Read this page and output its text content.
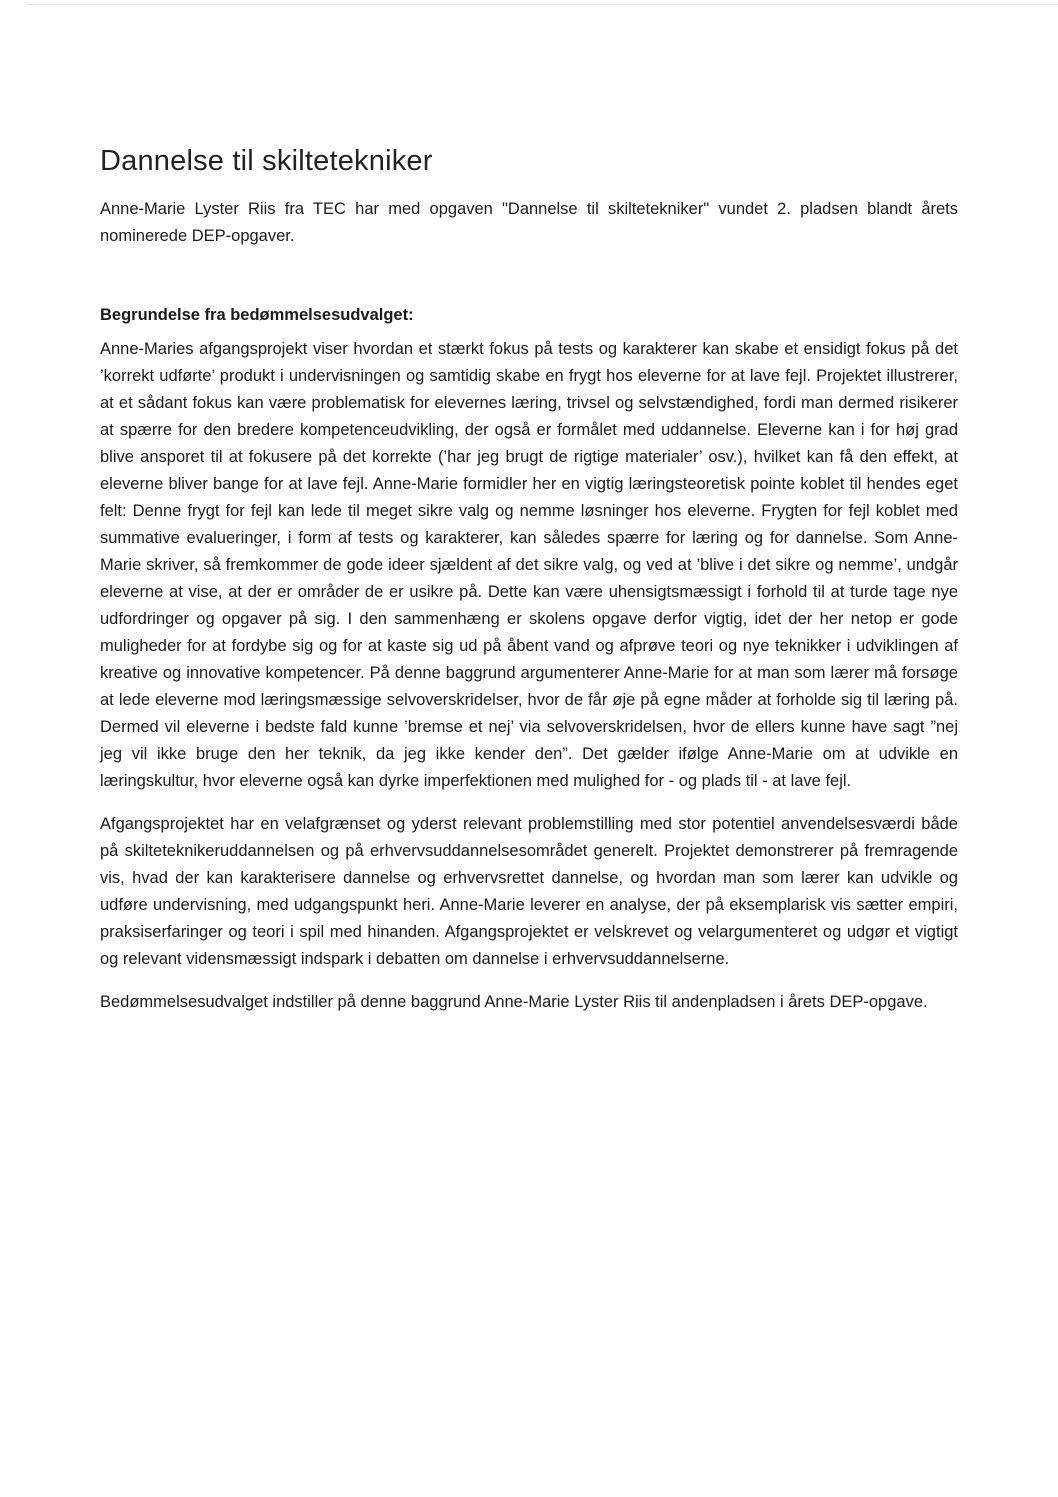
Dannelse til skiltetekniker

Anne-Marie Lyster Riis fra TEC har med opgaven "Dannelse til skiltetekniker" vundet 2. pladsen blandt årets nominerede DEP-opgaver.

Begrundelse fra bedømmelsesudvalget:

Anne-Maries afgangsprojekt viser hvordan et stærkt fokus på tests og karakterer kan skabe et ensidigt fokus på det ’korrekt udførte’ produkt i undervisningen og samtidig skabe en frygt hos eleverne for at lave fejl. Projektet illustrerer, at et sådant fokus kan være problematisk for elevernes læring, trivsel og selvstændighed, fordi man dermed risikerer at spærre for den bredere kompetenceudvikling, der også er formålet med uddannelse. Eleverne kan i for høj grad blive ansporet til at fokusere på det korrekte (’har jeg brugt de rigtige materialer’ osv.), hvilket kan få den effekt, at eleverne bliver bange for at lave fejl. Anne-Marie formidler her en vigtig læringsteoretisk pointe koblet til hendes eget felt: Denne frygt for fejl kan lede til meget sikre valg og nemme løsninger hos eleverne. Frygten for fejl koblet med summative evalueringer, i form af tests og karakterer, kan således spærre for læring og for dannelse. Som Anne-Marie skriver, så fremkommer de gode ideer sjældent af det sikre valg, og ved at ’blive i det sikre og nemme’, undgår eleverne at vise, at der er områder de er usikre på. Dette kan være uhensigtsmæssigt i forhold til at turde tage nye udfordringer og opgaver på sig. I den sammenhæng er skolens opgave derfor vigtig, idet der her netop er gode muligheder for at fordybe sig og for at kaste sig ud på åbent vand og afprøve teori og nye teknikker i udviklingen af kreative og innovative kompetencer. På denne baggrund argumenterer Anne-Marie for at man som lærer må forsøge at lede eleverne mod læringsmæssige selvoverskridelser, hvor de får øje på egne måder at forholde sig til læring på. Dermed vil eleverne i bedste fald kunne ’bremse et nej’ via selvoverskridelsen, hvor de ellers kunne have sagt ”nej jeg vil ikke bruge den her teknik, da jeg ikke kender den”. Det gælder ifølge Anne-Marie om at udvikle en læringskultur, hvor eleverne også kan dyrke imperfektionen med mulighed for - og plads til - at lave fejl.

Afgangsprojektet har en velafgrænset og yderst relevant problemstilling med stor potentiel anvendelsesværdi både på skilteteknikeruddannelsen og på erhvervsuddannelsesområdet generelt. Projektet demonstrerer på fremragende vis, hvad der kan karakterisere dannelse og erhvervsrettet dannelse, og hvordan man som lærer kan udvikle og udføre undervisning, med udgangspunkt heri. Anne-Marie leverer en analyse, der på eksemplarisk vis sætter empiri, praksiserfaringer og teori i spil med hinanden. Afgangsprojektet er velskrevet og velargumenteret og udgør et vigtigt og relevant vidensmæssigt indspark i debatten om dannelse i erhvervsuddannelserne.

Bedømmelsesudvalget indstiller på denne baggrund Anne-Marie Lyster Riis til andenpladsen i årets DEP-opgave.
